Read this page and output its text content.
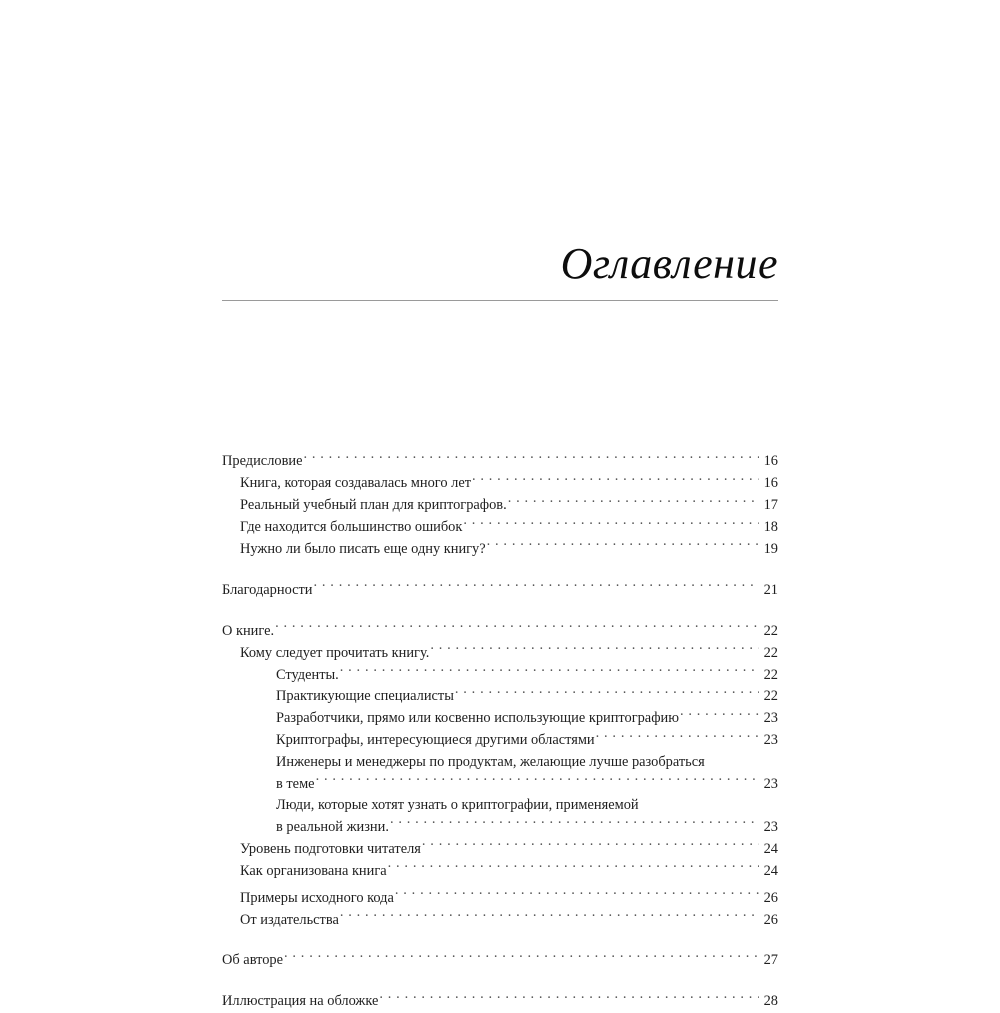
Оглавление
Предисловие . . .	16
Книга, которая создавалась много лет . . .	16
Реальный учебный план для криптографов. . . .	17
Где находится большинство ошибок . . .	18
Нужно ли было писать еще одну книгу? . . .	19
Благодарности . . .	21
О книге. . . .	22
Кому следует прочитать книгу. . . .	22
Студенты. . . .	22
Практикующие специалисты . . .	22
Разработчики, прямо или косвенно использующие криптографию . . .	23
Криптографы, интересующиеся другими областями . . .	23
Инженеры и менеджеры по продуктам, желающие лучше разобраться
в теме . . .	23
Люди, которые хотят узнать о криптографии, применяемой
в реальной жизни. . . .	23
Уровень подготовки читателя . . .	24
Как организована книга . . .	24
Примеры исходного кода . . .	26
От издательства . . .	26
Об авторе . . .	27
Иллюстрация на обложке . . .	28
